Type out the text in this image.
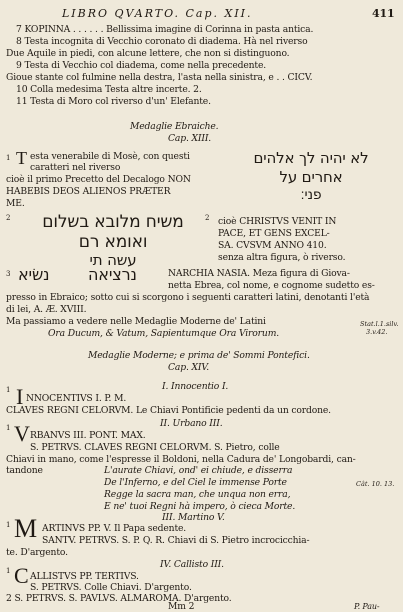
LIBRO QVARTO. Cap. XII.	411
7 KOPINNA . . . . . . Bellissima imagine di Corinna in pasta antica.
8 Testa incognita di Vecchio coronato di diadema. Hà nel riverso
Due Aquile in piedi, con alcune lettere, che non si distinguono.
9 Testa di Vecchio col diadema, come nella precedente.
Gioue stante col fulmine nella destra, l'asta nella sinistra, e . . CICV.
10 Colla medesima Testa altre incerte. 2.
11 Testa di Moro col riverso d'un' Elefante.
Medaglie Ebraiche.
Cap. XIII.
1 T esta venerabile di Mosè, con questi
caratteri nel riverso
cioè il primo Precetto del Decalogo NON
HABEBIS DEOS ALIENOS PRÆTER
ME.
לא יהיה לך אלהים
אחרים על
פני׃
2	משיח מלובא בשלום
ואומא רם
עשה תי
2 cioè CHRISTVS VENIT IN
PACE, ET GENS EXCEL-
SA. CVSVM ANNO 410.
senza altra figura, ò riverso.
3 נשׂיא נרציאה	NARCHIA NASIA. Meza figura di Giova-
netta Ebrea, col nome, e cognome sudetto es-
presso in Ebraico; sotto cui si scorgono i seguenti caratteri latini, denotanti l'età
di lei, A. Æ. XVIII.
Ma passiamo a vedere nelle Medaglie Moderne de' Latini
Ora Ducum, & Vatum, Sapientumque Ora Virorum.
Stat.l.1.silv.
3.v.42.
Medaglie Moderne; e prima de' Sommi Pontefici.
Cap. XIV.
I. Innocentio I.
1 I NNOCENTIVS I. P. M.
CLAVES REGNI CELORVM. Le Chiavi Pontificie pedenti da un cordone.
II. Urbano III.
1 V RBANVS III. PONT. MAX.
S. PETRVS. CLAVES REGNI CELORVM. S. Pietro, colle
Chiavi in mano, come l'espresse il Boldoni, nella Cadura de' Longobardi, can-
tandone	L'aurate Chiavi, ond' ei chiude, e disserra
De l'Inferno, e del Ciel le immense Porte
Regge la sacra man, che unqua non erra,
E ne' tuoi Regni hà impero, ò cieca Morte.
Cât. 10. 13.
III. Martino V.
1 M ARTINVS PP. V. Il Papa sedente.
SANTV. PETRVS. S. P. Q. R. Chiavi di S. Pietro incrocicchia-
te. D'argento.
IV. Callisto III.
1 C ALLISTVS PP. TERTIVS.
S. PETRVS. Colle Chiavi. D'argento.
2 S. PETRVS. S. PAVLVS. ALMAROMA. D'argento.
Mm 2	P. Pau-
